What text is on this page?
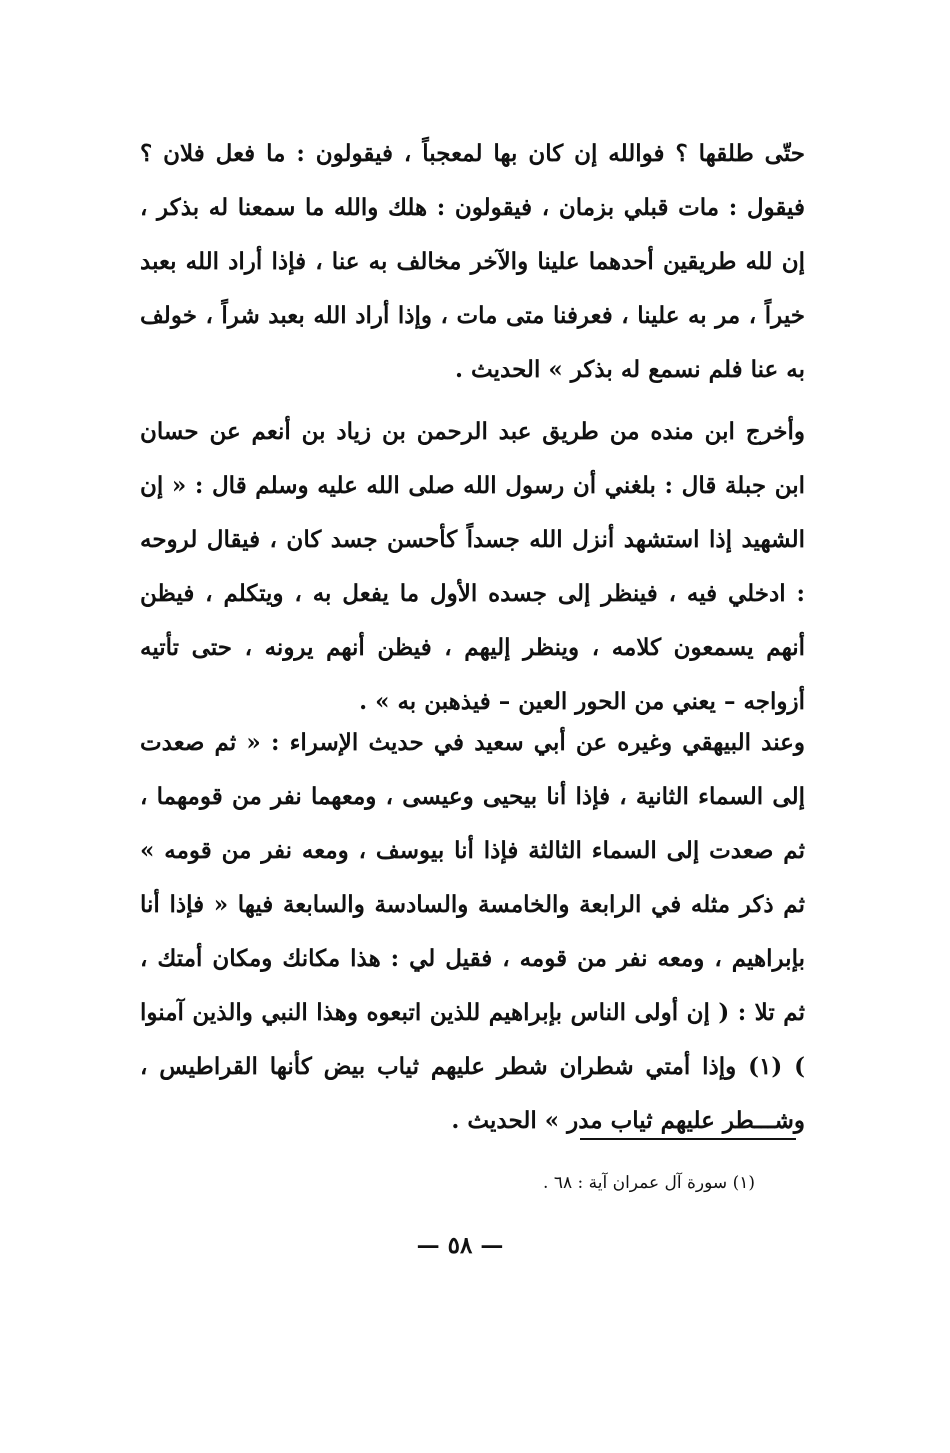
حتّى طلقها ؟ فوالله إن كان بها لمعجباً ، فيقولون : ما فعل فلان ؟ فيقول : مات قبلي بزمان ، فيقولون : هلك والله ما سمعنا له بذكر ، إن لله طريقين أحدهما علينا والآخر مخالف به عنا ، فإذا أراد الله بعبد خيراً ، مر به علينا ، فعرفنا متى مات ، وإذا أراد الله بعبد شراً ، خولف به عنا فلم نسمع له بذكر » الحديث .

وأخرج ابن منده من طريق عبد الرحمن بن زياد بن أنعم عن حسان ابن جبلة قال : بلغني أن رسول الله صلى الله عليه وسلم قال : « إن الشهيد إذا استشهد أنزل الله جسداً كأحسن جسد كان ، فيقال لروحه : ادخلي فيه ، فينظر إلى جسده الأول ما يفعل به ، ويتكلم ، فيظن أنهم يسمعون كلامه ، وينظر إليهم ، فيظن أنهم يرونه ، حتى تأتيه أزواجه – يعني من الحور العين – فيذهبن به » .

وعند البيهقي وغيره عن أبي سعيد في حديث الإسراء : « ثم صعدت إلى السماء الثانية ، فإذا أنا بيحيى وعيسى ، ومعهما نفر من قومهما ، ثم صعدت إلى السماء الثالثة فإذا أنا بيوسف ، ومعه نفر من قومه » ثم ذكر مثله في الرابعة والخامسة والسادسة والسابعة فيها « فإذا أنا بإبراهيم ، ومعه نفر من قومه ، فقيل لي : هذا مكانك ومكان أمتك ، ثم تلا : ( إن أولى الناس بإبراهيم للذين اتبعوه وهذا النبي والذين آمنوا ) (١) وإذا أمتي شطران شطر عليهم ثياب بيض كأنها القراطيس ، وشـــطر عليهم ثياب مدر » الحديث .

(١) سورة آل عمران آية : ٦٨ .

— ٥٨ —
